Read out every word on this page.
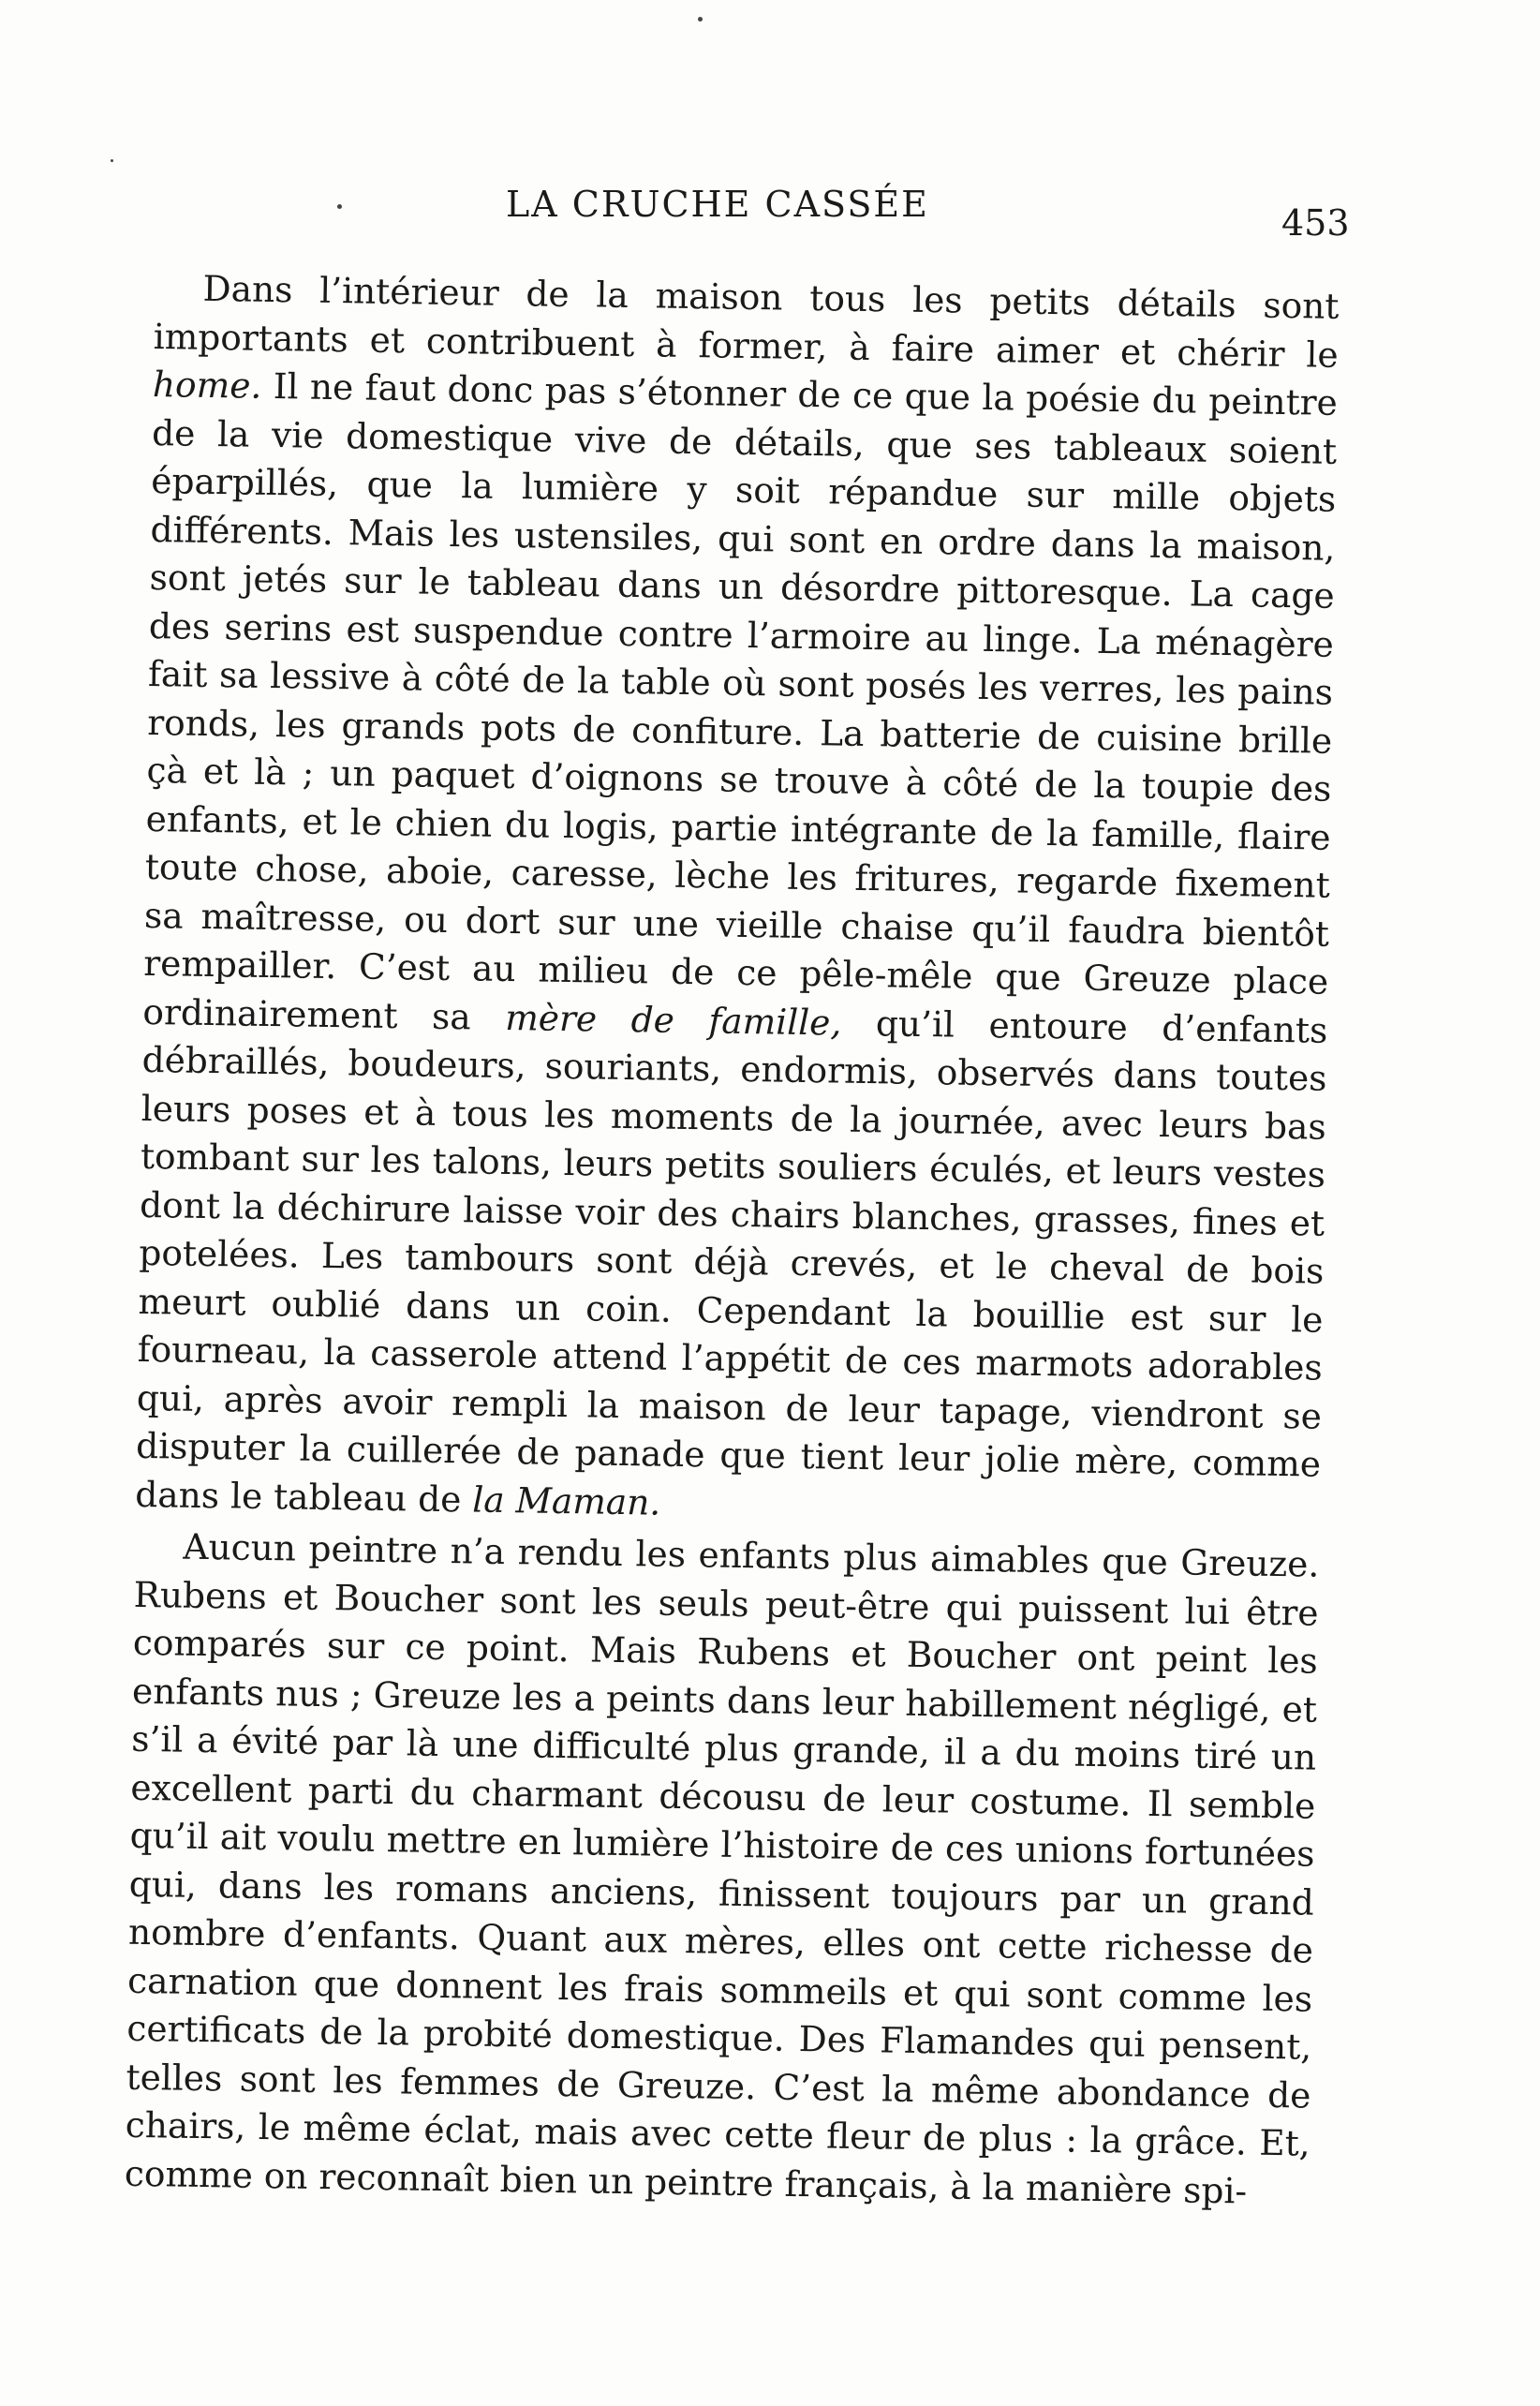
LA CRUCHE CASSÉE	453

Dans l’intérieur de la maison tous les petits détails sont importants et contribuent à former, à faire aimer et chérir le home. Il ne faut donc pas s’étonner de ce que la poésie du peintre de la vie domestique vive de détails, que ses tableaux soient éparpillés, que la lumière y soit répandue sur mille objets différents. Mais les ustensiles, qui sont en ordre dans la maison, sont jetés sur le tableau dans un désordre pittoresque. La cage des serins est suspendue contre l’armoire au linge. La ménagère fait sa lessive à côté de la table où sont posés les verres, les pains ronds, les grands pots de confiture. La batterie de cuisine brille çà et là ; un paquet d’oignons se trouve à côté de la toupie des enfants, et le chien du logis, partie intégrante de la famille, flaire toute chose, aboie, caresse, lèche les fritures, regarde fixement sa maîtresse, ou dort sur une vieille chaise qu’il faudra bientôt rempailler. C’est au milieu de ce pêle-mêle que Greuze place ordinairement sa mère de famille, qu’il entoure d’enfants débraillés, boudeurs, souriants, endormis, observés dans toutes leurs poses et à tous les moments de la journée, avec leurs bas tombant sur les talons, leurs petits souliers éculés, et leurs vestes dont la déchirure laisse voir des chairs blanches, grasses, fines et potelées. Les tambours sont déjà crevés, et le cheval de bois meurt oublié dans un coin. Cependant la bouillie est sur le fourneau, la casserole attend l’appétit de ces marmots adorables qui, après avoir rempli la maison de leur tapage, viendront se disputer la cuillerée de panade que tient leur jolie mère, comme dans le tableau de la Maman.

Aucun peintre n’a rendu les enfants plus aimables que Greuze. Rubens et Boucher sont les seuls peut-être qui puissent lui être comparés sur ce point. Mais Rubens et Boucher ont peint les enfants nus ; Greuze les a peints dans leur habillement négligé, et s’il a évité par là une difficulté plus grande, il a du moins tiré un excellent parti du charmant décousu de leur costume. Il semble qu’il ait voulu mettre en lumière l’histoire de ces unions fortunées qui, dans les romans anciens, finissent toujours par un grand nombre d’enfants. Quant aux mères, elles ont cette richesse de carnation que donnent les frais sommeils et qui sont comme les certificats de la probité domestique. Des Flamandes qui pensent, telles sont les femmes de Greuze. C’est la même abondance de chairs, le même éclat, mais avec cette fleur de plus : la grâce. Et, comme on reconnaît bien un peintre français, à la manière spi-
